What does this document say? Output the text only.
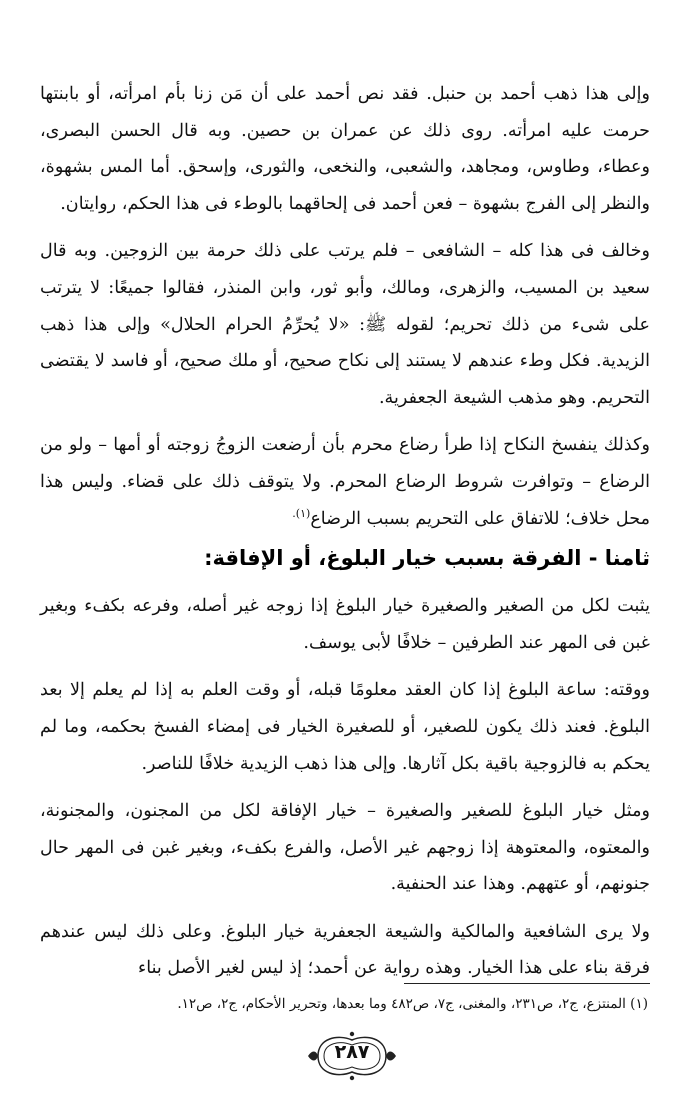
وإلى هذا ذهب أحمد بن حنبل. فقد نص أحمد على أن مَن زنا بأم امرأته، أو بابنتها حرمت عليه امرأته. روى ذلك عن عمران بن حصين. وبه قال الحسن البصرى، وعطاء، وطاوس، ومجاهد، والشعبى، والنخعى، والثورى، وإسحق. أما المس بشهوة، والنظر إلى الفرج بشهوة – فعن أحمد فى إلحاقهما بالوطء فى هذا الحكم، روايتان.

وخالف فى هذا كله – الشافعى – فلم يرتب على ذلك حرمة بين الزوجين. وبه قال سعيد بن المسيب، والزهرى، ومالك، وأبو ثور، وابن المنذر، فقالوا جميعًا: لا يترتب على شىء من ذلك تحريم؛ لقوله ﷺ: «لا يُحرِّمُ الحرام الحلال» وإلى هذا ذهب الزيدية. فكل وطء عندهم لا يستند إلى نكاح صحيح، أو ملك صحيح، أو فاسد لا يقتضى التحريم. وهو مذهب الشيعة الجعفرية.

وكذلك ينفسخ النكاح إذا طرأ رضاع محرم بأن أرضعت الزوجُ زوجته أو أمها – ولو من الرضاع – وتوافرت شروط الرضاع المحرم. ولا يتوقف ذلك على قضاء. وليس هذا محل خلاف؛ للاتفاق على التحريم بسبب الرضاع$^{(١).}$

ثامنا - الفرقة بسبب خيار البلوغ، أو الإفاقة:

يثبت لكل من الصغير والصغيرة خيار البلوغ إذا زوجه غير أصله، وفرعه بكفء وبغير غبن فى المهر عند الطرفين – خلافًا لأبى يوسف.

ووقته: ساعة البلوغ إذا كان العقد معلومًا قبله، أو وقت العلم به إذا لم يعلم إلا بعد البلوغ. فعند ذلك يكون للصغير، أو للصغيرة الخيار فى إمضاء الفسخ بحكمه، وما لم يحكم به فالزوجية باقية بكل آثارها. وإلى هذا ذهب الزيدية خلافًا للناصر.

ومثل خيار البلوغ للصغير والصغيرة – خيار الإفاقة لكل من المجنون، والمجنونة، والمعتوه، والمعتوهة إذا زوجهم غير الأصل، والفرع بكفء، وبغير غبن فى المهر حال جنونهم، أو عتههم. وهذا عند الحنفية.

ولا يرى الشافعية والمالكية والشيعة الجعفرية خيار البلوغ. وعلى ذلك ليس عندهم فرقة بناء على هذا الخيار. وهذه رواية عن أحمد؛ إذ ليس لغير الأصل بناء

(١) المنتزع، ج٢، ص٢٣١، والمغنى، ج٧، ص٤٨٢ وما بعدها، وتحرير الأحكام، ج٢، ص١٢.
٢٨٧
